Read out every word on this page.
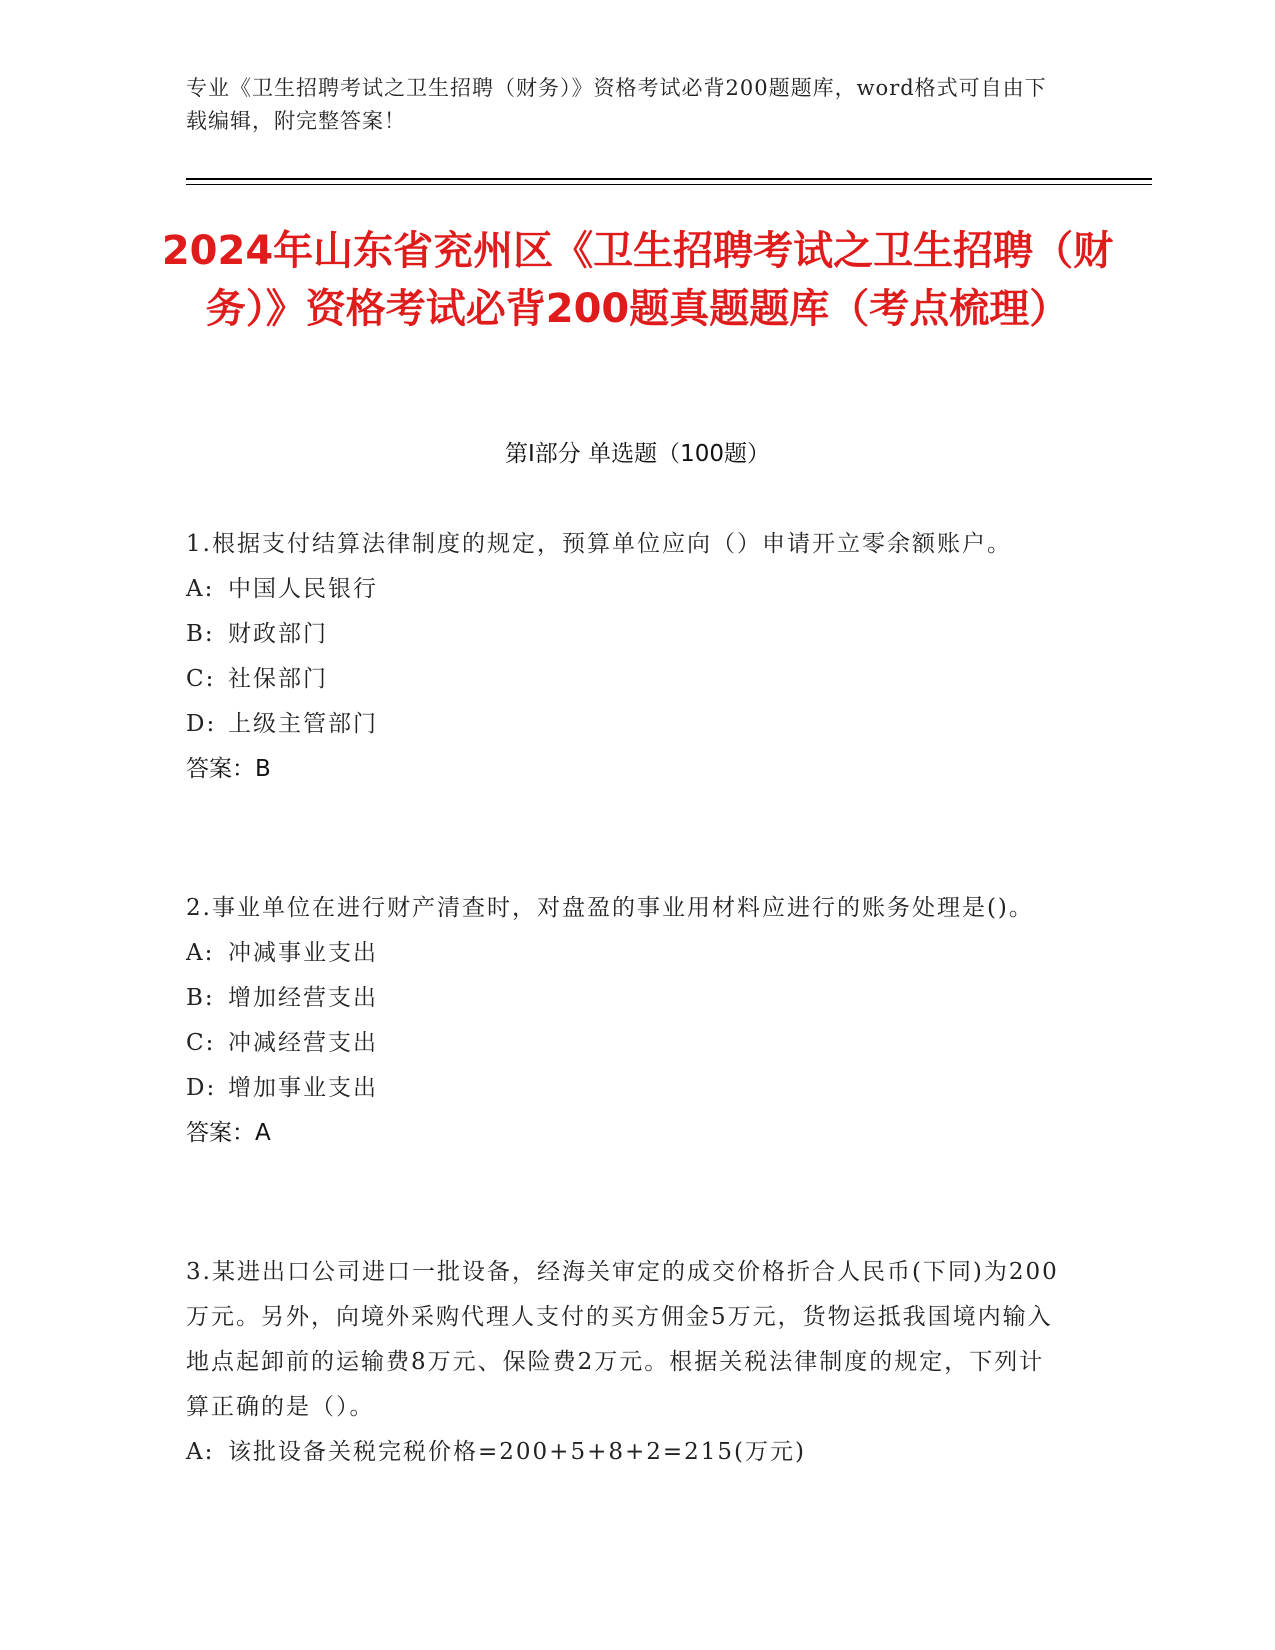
专业《卫生招聘考试之卫生招聘（财务）》资格考试必背200题题库，word格式可自由下载编辑，附完整答案！
2024年山东省兖州区《卫生招聘考试之卫生招聘（财务）》资格考试必背200题真题题库（考点梳理）
第I部分 单选题（100题）
1.根据支付结算法律制度的规定，预算单位应向（）申请开立零余额账户。
A: 中国人民银行
B: 财政部门
C: 社保部门
D: 上级主管部门
答案：B
2.事业单位在进行财产清查时，对盘盈的事业用材料应进行的账务处理是()。
A: 冲减事业支出
B: 增加经营支出
C: 冲减经营支出
D: 增加事业支出
答案：A
3.某进出口公司进口一批设备，经海关审定的成交价格折合人民币(下同)为200万元。另外，向境外采购代理人支付的买方佣金5万元，货物运抵我国境内输入地点起卸前的运输费8万元、保险费2万元。根据关税法律制度的规定，下列计算正确的是（）。
A: 该批设备关税完税价格=200+5+8+2=215(万元)
